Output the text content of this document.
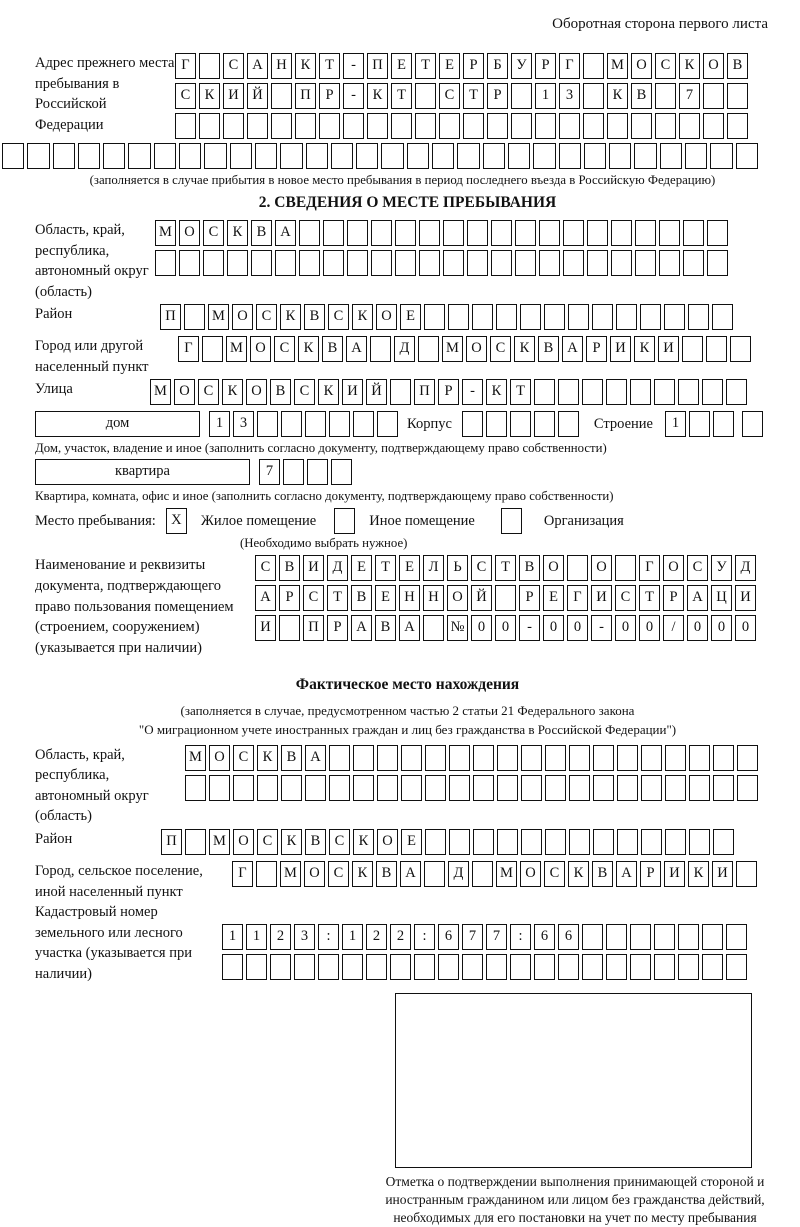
Оборотная сторона первого листа
Адрес прежнего места пребывания в Российской Федерации
Г	С А Н К Т - П Е Т Е Р Б У Р Г	М О С К О В
С К И Й	П Р - К Т	С Т Р	1 3	К В	7
(заполняется в случае прибытия в новое место пребывания в период последнего въезда в Российскую Федерацию)
2. СВЕДЕНИЯ О МЕСТЕ ПРЕБЫВАНИЯ
Область, край, республика, автономный округ (область)
М О С К В А
Район	П	М О С К В С К О Е
Город или другой населенный пункт
Г	М О С К В А	Д	М О С К В А Р И К И
Улица	М О С К О В С К И Й	П Р - К Т
дом	1 3	Корпус	Строение 1
Дом, участок, владение и иное (заполнить согласно документу, подтверждающему право собственности)
квартира	7
Квартира, комната, офис и иное (заполнить согласно документу, подтверждающему право собственности)
Место пребывания: X Жилое помещение	Иное помещение	Организация
(Необходимо выбрать нужное)
Наименование и реквизиты документа, подтверждающего право пользования помещением (строением, сооружением) (указывается при наличии)
С В И Д Е Т Е Л Ь С Т В О	О	Г О С У Д
А Р С Т В Е Н Н О Й	Р Е Г И С Т Р А Ц И
И	П Р А В А № 0 0 - 0 0 - 0 0 / 0 0 0
Фактическое место нахождения
(заполняется в случае, предусмотренном частью 2 статьи 21 Федерального закона
"О миграционном учете иностранных граждан и лиц без гражданства в Российской Федерации")
Область, край, республика, автономный округ (область)
М О С К В А
Район	П	М О С К В С К О Е
Город, сельское поселение, иной населенный пункт
Г	М О С К В А	Д	М О С К В А Р И К И
Кадастровый номер земельного или лесного участка (указывается при наличии)
1 1 2 3 : 1 2 2 : 6 7 7 : 6 6
Отметка о подтверждении выполнения принимающей стороной и иностранным гражданином или лицом без гражданства действий, необходимых для его постановки на учет по месту пребывания
